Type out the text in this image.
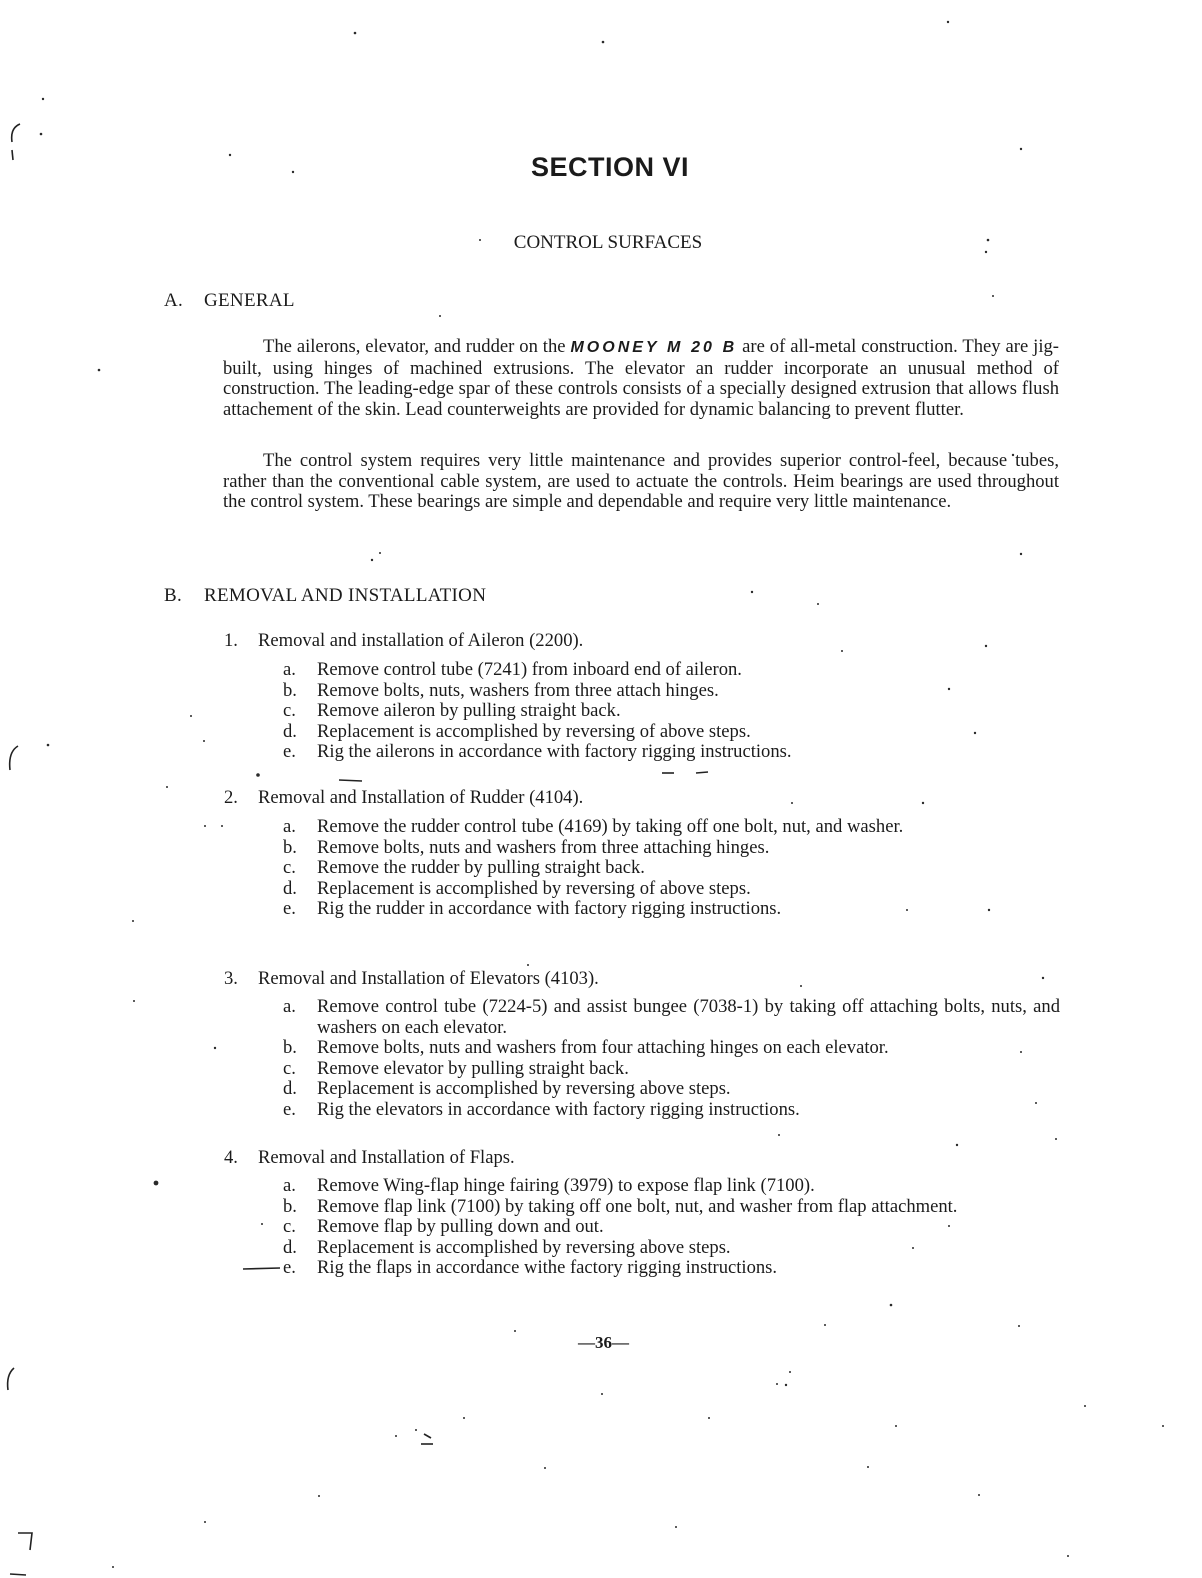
SECTION VI
CONTROL SURFACES
A. GENERAL

The ailerons, elevator, and rudder on the MOONEY M 20 B are of all-metal construction. They are jig-built, using hinges of machined extrusions. The elevator an rudder incorporate an unusual method of construction. The leading-edge spar of these controls consists of a specially designed extrusion that allows flush attachement of the skin. Lead counterweights are provided for dynamic balancing to prevent flutter.

The control system requires very little maintenance and provides superior control-feel, because tubes, rather than the conventional cable system, are used to actuate the controls. Heim bearings are used throughout the control system. These bearings are simple and dependable and require very little maintenance.

B. REMOVAL AND INSTALLATION
1. Removal and installation of Aileron (2200).
a.	Remove control tube (7241) from inboard end of aileron.
b.	Remove bolts, nuts, washers from three attach hinges.
c.	Remove aileron by pulling straight back.
d.	Replacement is accomplished by reversing of above steps.
e.	Rig the ailerons in accordance with factory rigging instructions.
2. Removal and Installation of Rudder (4104).
a.	Remove the rudder control tube (4169) by taking off one bolt, nut, and washer.
b.	Remove bolts, nuts and washers from three attaching hinges.
c.	Remove the rudder by pulling straight back.
d.	Replacement is accomplished by reversing of above steps.
e.	Rig the rudder in accordance with factory rigging instructions.
3. Removal and Installation of Elevators (4103).
a.	Remove control tube (7224-5) and assist bungee (7038-1) by taking off attaching bolts, nuts, and washers on each elevator.
b.	Remove bolts, nuts and washers from four attaching hinges on each elevator.
c.	Remove elevator by pulling straight back.
d.	Replacement is accomplished by reversing above steps.
e.	Rig the elevators in accordance with factory rigging instructions.
4. Removal and Installation of Flaps.
a.	Remove Wing-flap hinge fairing (3979) to expose flap link (7100).
b.	Remove flap link (7100) by taking off one bolt, nut, and washer from flap attachment.
c.	Remove flap by pulling down and out.
d.	Replacement is accomplished by reversing above steps.
e.	Rig the flaps in accordance withe factory rigging instructions.
—36—
